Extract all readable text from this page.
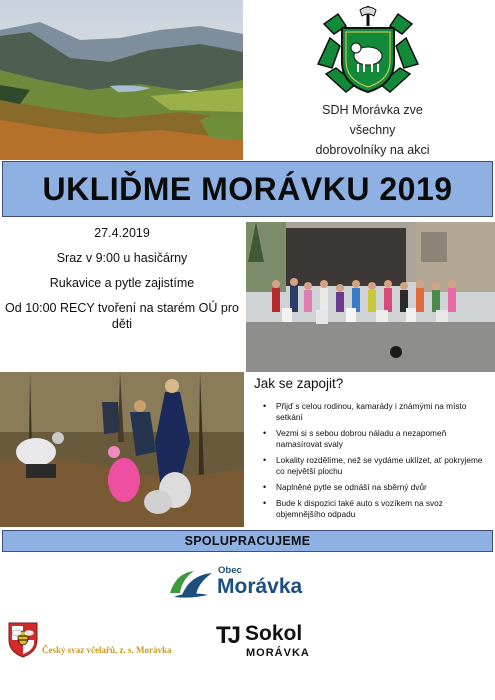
SDH Morávka zve
všechny
dobrovolníky na akci
UKLIĎME MORÁVKU 2019

27.4.2019

Sraz v 9:00 u hasičárny

Rukavice a pytle zajistíme

Od 10:00 RECY tvoření na starém OÚ pro děti

Jak se zapojit?
• Přijď s celou rodinou, kamarády i známými na místo setkání
• Vezmi si s sebou dobrou náladu a nezapomeň namasírovat svaly
• Lokality rozdělíme, než se vydáme uklízet, ať pokryjeme co největší plochu
• Naplněné pytle se odnáší na sběrný dvůr
• Bude k dispozici také auto s vozíkem na svoz objemnějšího odpadu
SPOLUPRACUJEME
Obec
Morávka
Český svaz včelařů, z. s. Morávka
TJ Sokol
MORÁVKA
